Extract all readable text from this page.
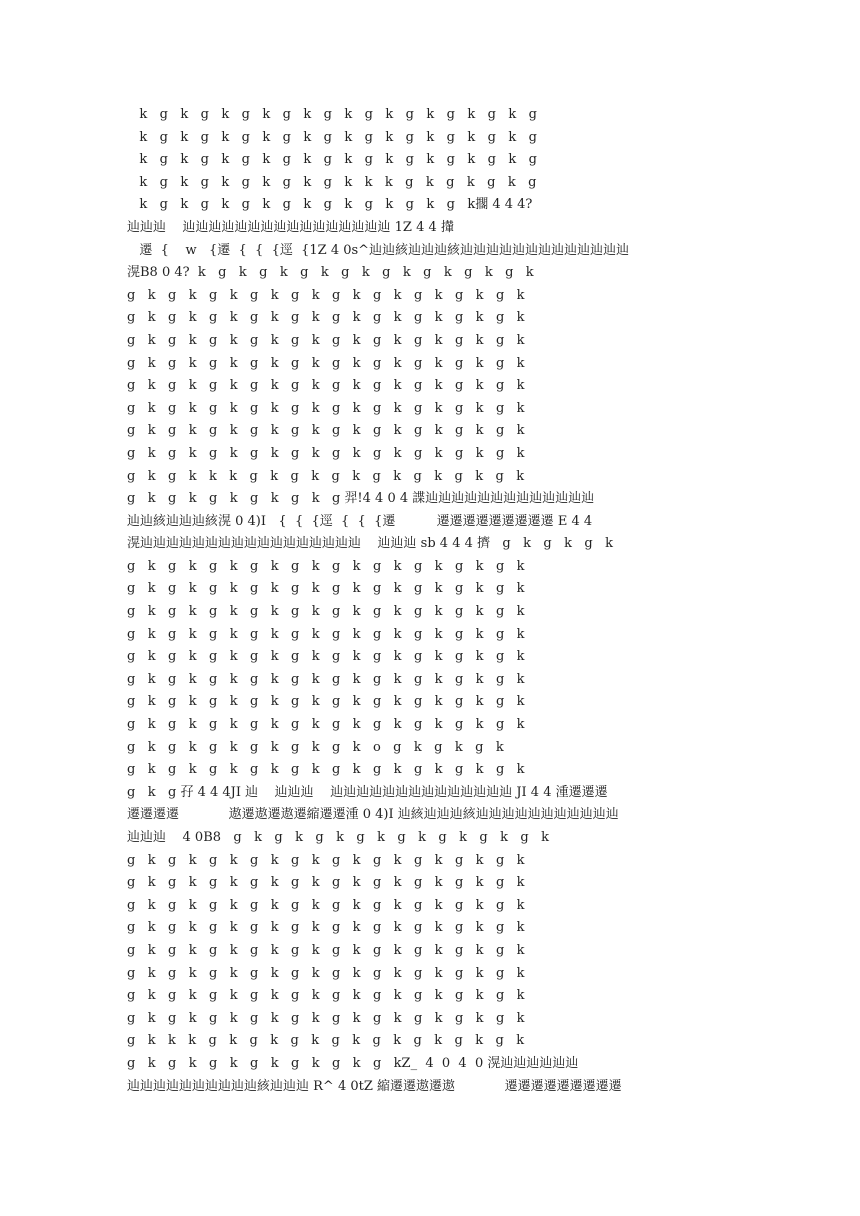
k   g   k   g   k   g   k   g   k   g   k   g   k   g   k   g   k   g   k   g
k   g   k   g   k   g   k   g   k   g   k   g   k   g   k   g   k   g   k   g
k   g   k   g   k   g   k   g   k   g   k   g   k   g   k   g   k   g   k   g
k   g   k   g   k   g   k   g   k   g   k   k   k   g   k   g   k   g   k   g
k   g   k   g   k   g   k   g   k   g   k   g   k   g   k   g   k擱 4 4 4?
辿辿辿    辿辿辿辿辿辿辿辿辿辿辿辿辿辿辿辿 1Z 4 4 攆
遷  {    w   {遷  {  {  {逕  {1Z 4 0s^辿辿絯辿辿辿絯辿辿辿辿辿辿辿辿辿辿辿辿辿
滉B8 0 4?  k   g   k   g   k   g   k   g   k   g   k   g   k   g   k   g   k
g   k   g   k   g   k   g   k   g   k   g   k   g   k   g   k   g   k   g   k
g   k   g   k   g   k   g   k   g   k   g   k   g   k   g   k   g   k   g   k
g   k   g   k   g   k   g   k   g   k   g   k   g   k   g   k   g   k   g   k
g   k   g   k   g   k   g   k   g   k   g   k   g   k   g   k   g   k   g   k
g   k   g   k   g   k   g   k   g   k   g   k   g   k   g   k   g   k   g   k
g   k   g   k   g   k   g   k   g   k   g   k   g   k   g   k   g   k   g   k
g   k   g   k   g   k   g   k   g   k   g   k   g   k   g   k   g   k   g   k
g   k   g   k   g   k   g   k   g   k   g   k   g   k   g   k   g   k   g   k
g   k   g   k   k   k   g   k   g   k   g   k   g   k   g   k   g   k   g   k
g   k   g   k   g   k   g   k   g   k   g 羿!4 4 0 4 諜辿辿辿辿辿辿辿辿辿辿辿辿辿
辿辿絯辿辿辿絯滉 0 4)I   {  {  {逕  {  {  {遷          遷遷遷遷遷遷遷遷遷 E 4 4
滉辿辿辿辿辿辿辿辿辿辿辿辿辿辿辿辿辿    辿辿辿 sb 4 4 4 擠   g   k   g   k   g   k
g   k   g   k   g   k   g   k   g   k   g   k   g   k   g   k   g   k   g   k
g   k   g   k   g   k   g   k   g   k   g   k   g   k   g   k   g   k   g   k
g   k   g   k   g   k   g   k   g   k   g   k   g   k   g   k   g   k   g   k
g   k   g   k   g   k   g   k   g   k   g   k   g   k   g   k   g   k   g   k
g   k   g   k   g   k   g   k   g   k   g   k   g   k   g   k   g   k   g   k
g   k   g   k   g   k   g   k   g   k   g   k   g   k   g   k   g   k   g   k
g   k   g   k   g   k   g   k   g   k   g   k   g   k   g   k   g   k   g   k
g   k   g   k   g   k   g   k   g   k   g   k   g   k   g   k   g   k   g   k
g   k   g   k   g   k   g   k   g   k   g   k   o   g   k   g   k   g   k
g   k   g   k   g   k   g   k   g   k   g   k   g   k   g   k   g   k   g   k
g   k   g 孖 4 4 4JI 辿    辿辿辿    辿辿辿辿辿辿辿辿辿辿辿辿辿辿 JI 4 4 湩遷遷遷
遷遷遷遷            遨遷遨遷遨遷縮遷遷湩 0 4)I 辿絯辿辿辿絯辿辿辿辿辿辿辿辿辿辿辿
辿辿辿    4 0B8   g   k   g   k   g   k   g   k   g   k   g   k   g   k   g   k
g   k   g   k   g   k   g   k   g   k   g   k   g   k   g   k   g   k   g   k
g   k   g   k   g   k   g   k   g   k   g   k   g   k   g   k   g   k   g   k
g   k   g   k   g   k   g   k   g   k   g   k   g   k   g   k   g   k   g   k
g   k   g   k   g   k   g   k   g   k   g   k   g   k   g   k   g   k   g   k
g   k   g   k   g   k   g   k   g   k   g   k   g   k   g   k   g   k   g   k
g   k   g   k   g   k   g   k   g   k   g   k   g   k   g   k   g   k   g   k
g   k   g   k   g   k   g   k   g   k   g   k   g   k   g   k   g   k   g   k
g   k   g   k   g   k   g   k   g   k   g   k   g   k   g   k   g   k   g   k
g   k   k   k   g   k   g   k   g   k   g   k   g   k   g   k   g   k   g   k
g   k   g   k   g   k   g   k   g   k   g   k   g   kZ_  4  0  4  0 滉辿辿辿辿辿辿
辿辿辿辿辿辿辿辿辿辿絯辿辿辿 R^ 4 0tZ 縮遷遷遨遷遨            遷遷遷遷遷遷遷遷遷
